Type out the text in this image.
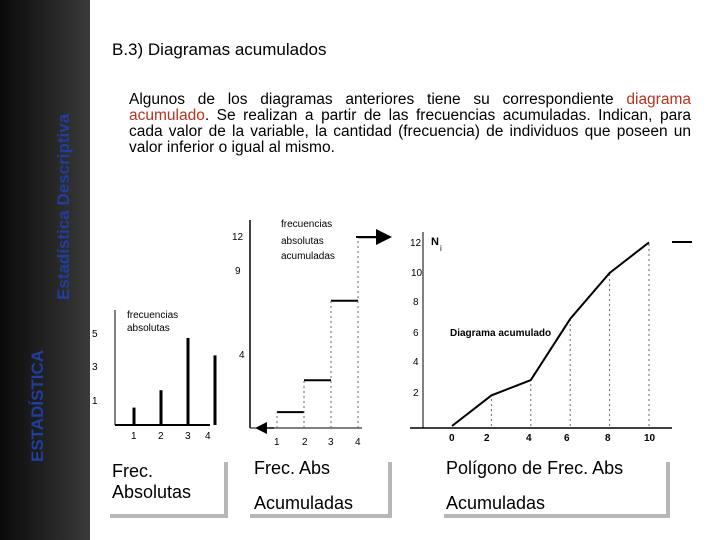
ESTADÍSTICA
Estadística Descriptiva
B.3) Diagramas acumulados
Algunos de los diagramas anteriores tiene su correspondiente diagrama acumulado. Se realizan a partir de las frecuencias acumuladas. Indican, para cada valor de la variable, la cantidad (frecuencia) de individuos que poseen un valor inferior o igual al mismo.
frecuencias
absolutas
5
3
1
1 2 3 4
frecuencias
absolutas
acumuladas
12
9
4
1 2 3 4
N
i
Diagrama acumulado
12
10
8
6
4
2
0	2	4	6	8	10
Frec.
Absolutas
Frec. Abs
Acumuladas
Polígono de Frec. Abs
Acumuladas
